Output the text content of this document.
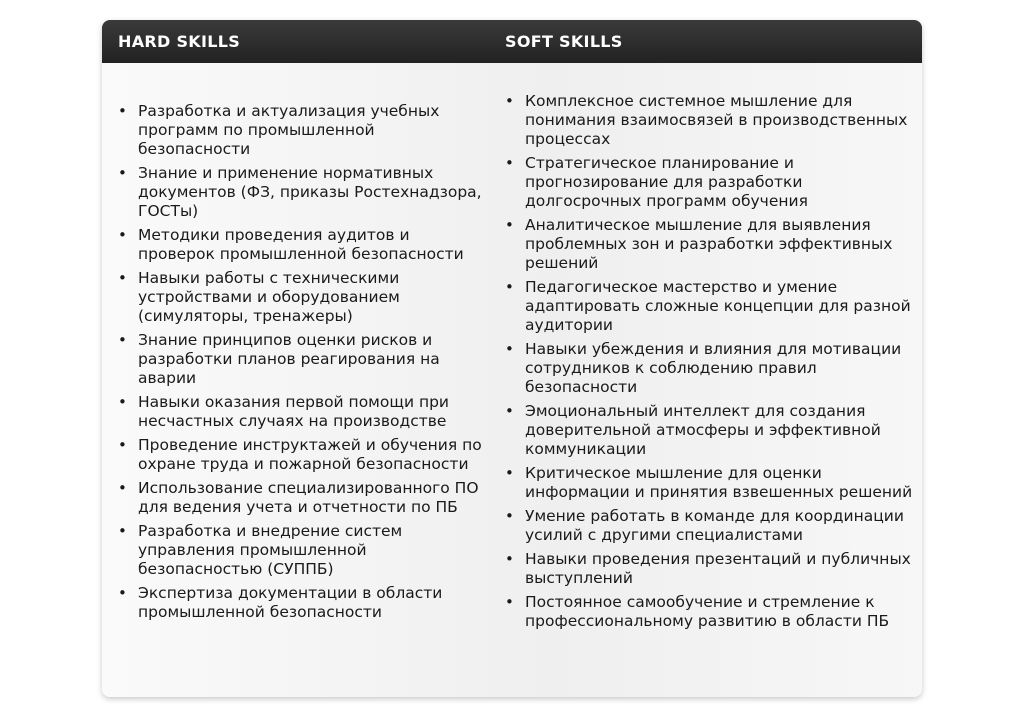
HARD SKILLS	SOFT SKILLS
• Разработка и актуализация учебных программ по промышленной безопасности
• Знание и применение нормативных документов (ФЗ, приказы Ростехнадзора, ГОСТы)
• Методики проведения аудитов и проверок промышленной безопасности
• Навыки работы с техническими устройствами и оборудованием (симуляторы, тренажеры)
• Знание принципов оценки рисков и разработки планов реагирования на аварии
• Навыки оказания первой помощи при несчастных случаях на производстве
• Проведение инструктажей и обучения по охране труда и пожарной безопасности
• Использование специализированного ПО для ведения учета и отчетности по ПБ
• Разработка и внедрение систем управления промышленной безопасностью (СУППБ)
• Экспертиза документации в области промышленной безопасности
• Комплексное системное мышление для понимания взаимосвязей в производственных процессах
• Стратегическое планирование и прогнозирование для разработки долгосрочных программ обучения
• Аналитическое мышление для выявления проблемных зон и разработки эффективных решений
• Педагогическое мастерство и умение адаптировать сложные концепции для разной аудитории
• Навыки убеждения и влияния для мотивации сотрудников к соблюдению правил безопасности
• Эмоциональный интеллект для создания доверительной атмосферы и эффективной коммуникации
• Критическое мышление для оценки информации и принятия взвешенных решений
• Умение работать в команде для координации усилий с другими специалистами
• Навыки проведения презентаций и публичных выступлений
• Постоянное самообучение и стремление к профессиональному развитию в области ПБ
